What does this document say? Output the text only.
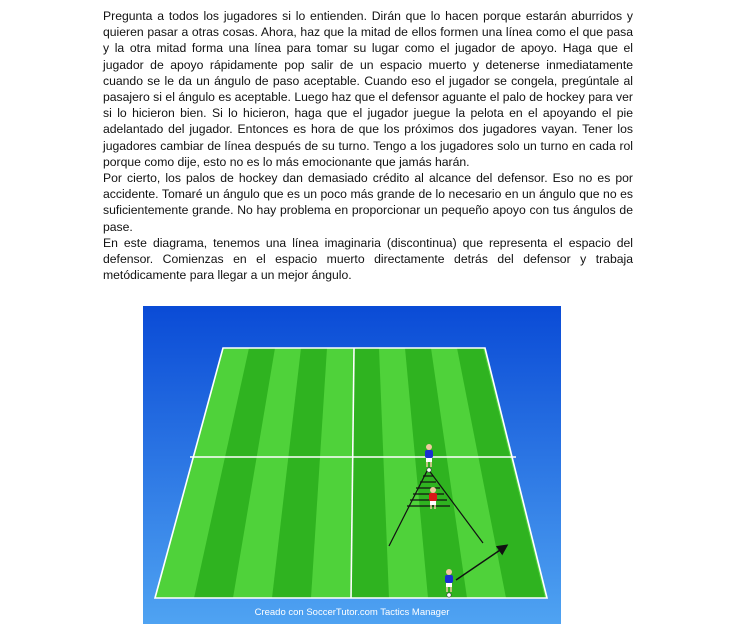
Pregunta a todos los jugadores si lo entienden. Dirán que lo hacen porque estarán aburridos y quieren pasar a otras cosas. Ahora, haz que la mitad de ellos formen una línea como el que pasa y la otra mitad forma una línea para tomar su lugar como el jugador de apoyo. Haga que el jugador de apoyo rápidamente pop salir de un espacio muerto y detenerse inmediatamente cuando se le da un ángulo de paso aceptable. Cuando eso el jugador se congela, pregúntale al pasajero si el ángulo es aceptable. Luego haz que el defensor aguante el palo de hockey para ver si lo hicieron bien. Si lo hicieron, haga que el jugador juegue la pelota en el apoyando el pie adelantado del jugador. Entonces es hora de que los próximos dos jugadores vayan. Tener los jugadores cambiar de línea después de su turno. Tengo a los jugadores solo un turno en cada rol porque como dije, esto no es lo más emocionante que jamás harán.

Por cierto, los palos de hockey dan demasiado crédito al alcance del defensor. Eso no es por accidente. Tomaré un ángulo que es un poco más grande de lo necesario en un ángulo que no es suficientemente grande. No hay problema en proporcionar un pequeño apoyo con tus ángulos de pase.

En este diagrama, tenemos una línea imaginaria (discontinua) que representa el espacio del defensor. Comienzas en el espacio muerto directamente detrás del defensor y trabaja metódicamente para llegar a un mejor ángulo.

Creado con SoccerTutor.com Tactics Manager
